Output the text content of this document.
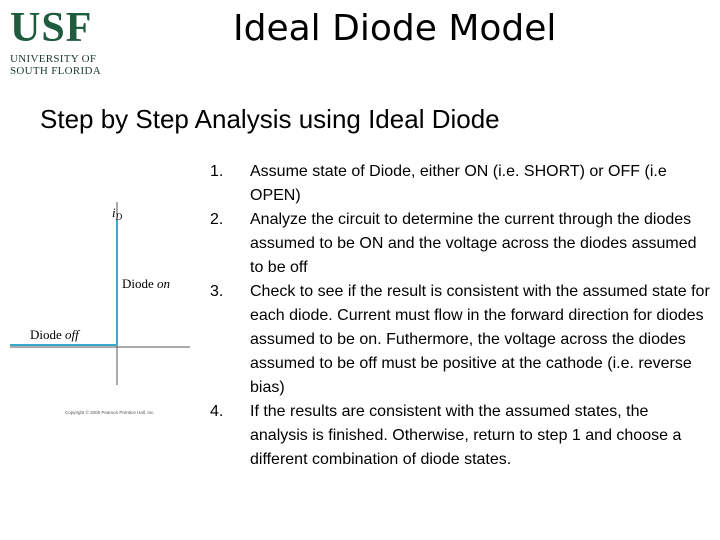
USF
UNIVERSITY OF
SOUTH FLORIDA
Ideal Diode Model
Step by Step Analysis using Ideal Diode
1. Assume state of Diode, either ON (i.e. SHORT) or OFF (i.e OPEN)
2. Analyze the circuit to determine the current through the diodes assumed to be ON and the voltage across the diodes assumed to be off
3. Check to see if the result is consistent with the assumed state for each diode. Current must flow in the forward direction for diodes assumed to be on. Futhermore, the voltage across the diodes assumed to be off must be positive at the cathode (i.e. reverse bias)
4. If the results are consistent with the assumed states, the analysis is finished. Otherwise, return to step 1 and choose a different combination of diode states.
$i_D$
Diode on
Diode off
Copyright © 2005 Pearson Prentice Hall, Inc.
